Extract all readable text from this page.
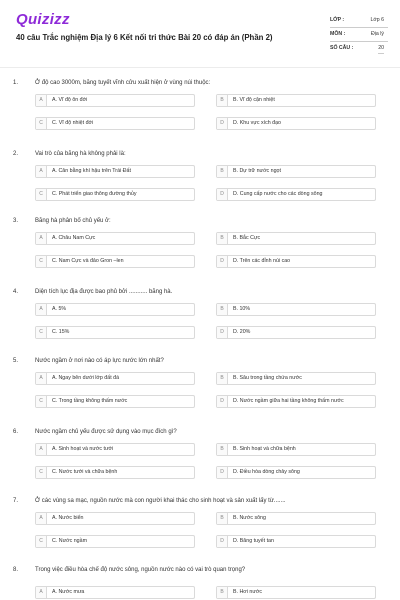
Quizizz
40 câu Trắc nghiệm Địa lý 6 Kết nối tri thức Bài 20 có đáp án (Phần 2)
LỚP :	Lớp 6
MÔN :	Địa lý
SỐ CÂU :	20
1.	Ở độ cao 3000m, băng tuyết vĩnh cửu xuất hiện ở vùng núi thuộc:
A	A. Vĩ độ ôn đới	B	B. Vĩ độ cận nhiệt
C	C. Vĩ độ nhiệt đới	D	D. Khu vực xích đạo
2.	Vai trò của băng hà không phải là:
A	A. Cân bằng khí hậu trên Trái Đất	B	B. Dự trữ nước ngọt
C	C. Phát triển giao thông đường thủy	D	D. Cung cấp nước cho các dòng sông
3.	Băng hà phân bố chủ yếu ở:
A	A. Châu Nam Cực	B	B. Bắc Cực
C	C. Nam Cực và đảo Gron –len	D	D. Trên các đỉnh núi cao
4.	Diện tích lục địa được bao phủ bởi ........... băng hà.
A	A. 5%	B	B. 10%
C	C. 15%	D	D. 20%
5.	Nước ngầm ở nơi nào có áp lực nước lớn nhất?
A	A. Ngay bên dưới lớp đất đá	B	B. Sâu trong tầng chứa nước
C	C. Trong tầng không thấm nước	D	D. Nước ngầm giữa hai tầng không thấm nước
6.	Nước ngầm chủ yếu được sử dụng vào mục đích gì?
A	A. Sinh hoạt và nước tưới	B	B. Sinh hoạt và chữa bệnh
C	C. Nước tưới và chữa bệnh	D	D. Điều hòa dòng chảy sông
7.	Ở các vùng sa mạc, nguồn nước mà con người khai thác cho sinh hoạt và sản xuất lấy từ.......
A	A. Nước biển	B	B. Nước sông
C	C. Nước ngầm	D	D. Băng tuyết tan
8.	Trong việc điều hòa chế độ nước sông, nguồn nước nào có vai trò quan trọng?
A	A. Nước mưa	B	B. Hơi nước
